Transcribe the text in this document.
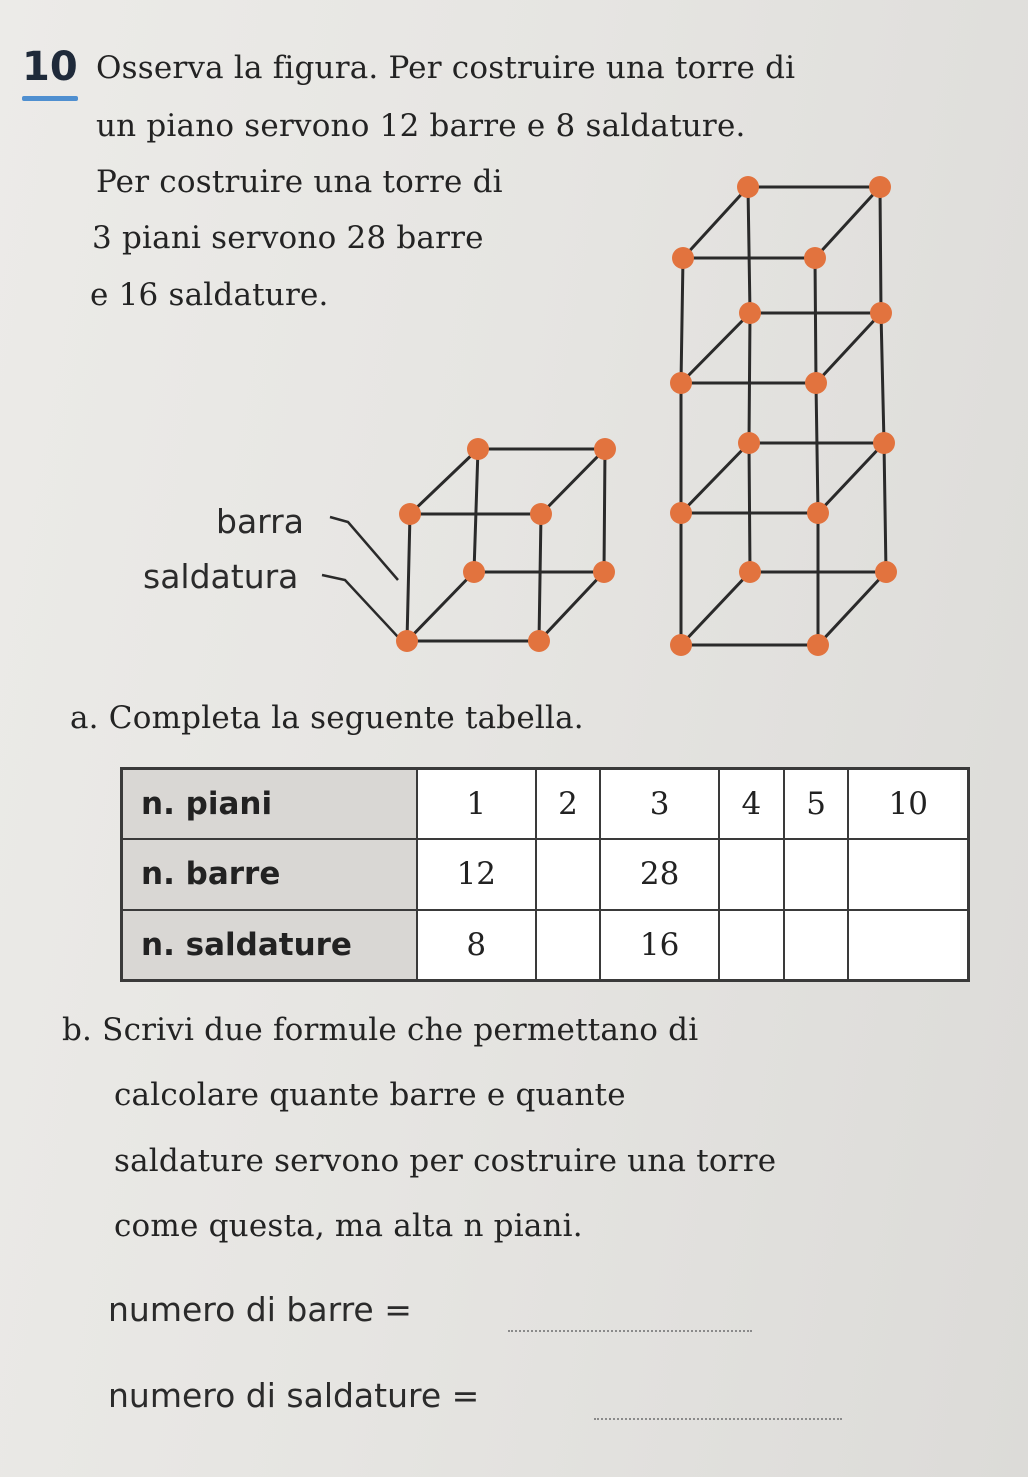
10 Osserva la figura. Per costruire una torre di
un piano servono 12 barre e 8 saldature.
Per costruire una torre di
3 piani servono 28 barre
e 16 saldature.
barra
saldatura
a. Completa la seguente tabella.
n. piani	1	2	3	4	5	10
n. barre	12		28			
n. saldature	8		16			
b. Scrivi due formule che permettano di
calcolare quante barre e quante
saldature servono per costruire una torre
come questa, ma alta n piani.
numero di barre =
numero di saldature =
